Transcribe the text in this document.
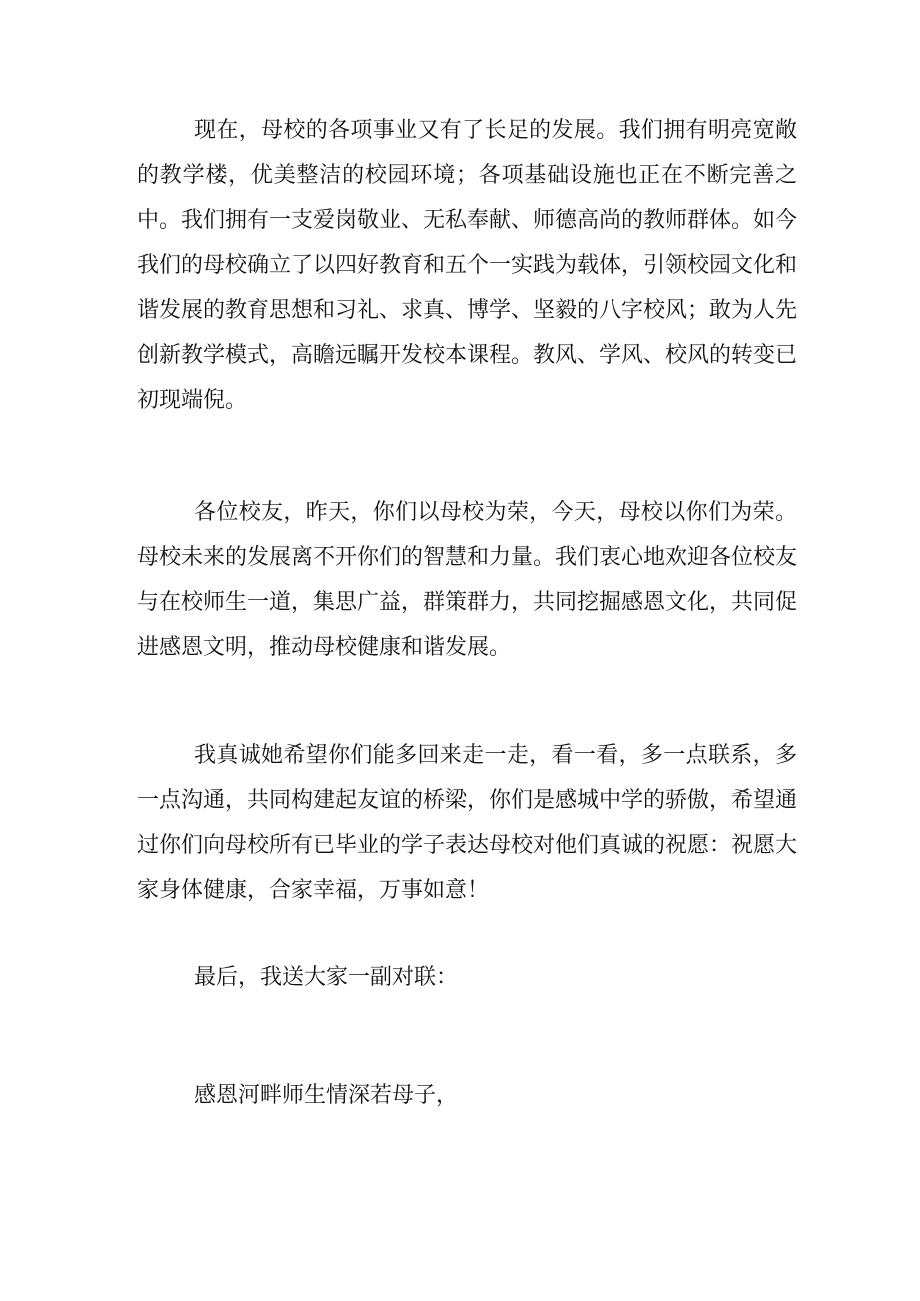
现在，母校的各项事业又有了长足的发展。我们拥有明亮宽敞的教学楼，优美整洁的校园环境；各项基础设施也正在不断完善之中。我们拥有一支爱岗敬业、无私奉献、师德高尚的教师群体。如今我们的母校确立了以四好教育和五个一实践为载体，引领校园文化和谐发展的教育思想和习礼、求真、博学、坚毅的八字校风；敢为人先创新教学模式，高瞻远瞩开发校本课程。教风、学风、校风的转变已初现端倪。

各位校友，昨天，你们以母校为荣，今天，母校以你们为荣。母校未来的发展离不开你们的智慧和力量。我们衷心地欢迎各位校友与在校师生一道，集思广益，群策群力，共同挖掘感恩文化，共同促进感恩文明，推动母校健康和谐发展。

我真诚她希望你们能多回来走一走，看一看，多一点联系，多一点沟通，共同构建起友谊的桥梁，你们是感城中学的骄傲，希望通过你们向母校所有已毕业的学子表达母校对他们真诚的祝愿：祝愿大家身体健康，合家幸福，万事如意！

最后，我送大家一副对联：

感恩河畔师生情深若母子，
